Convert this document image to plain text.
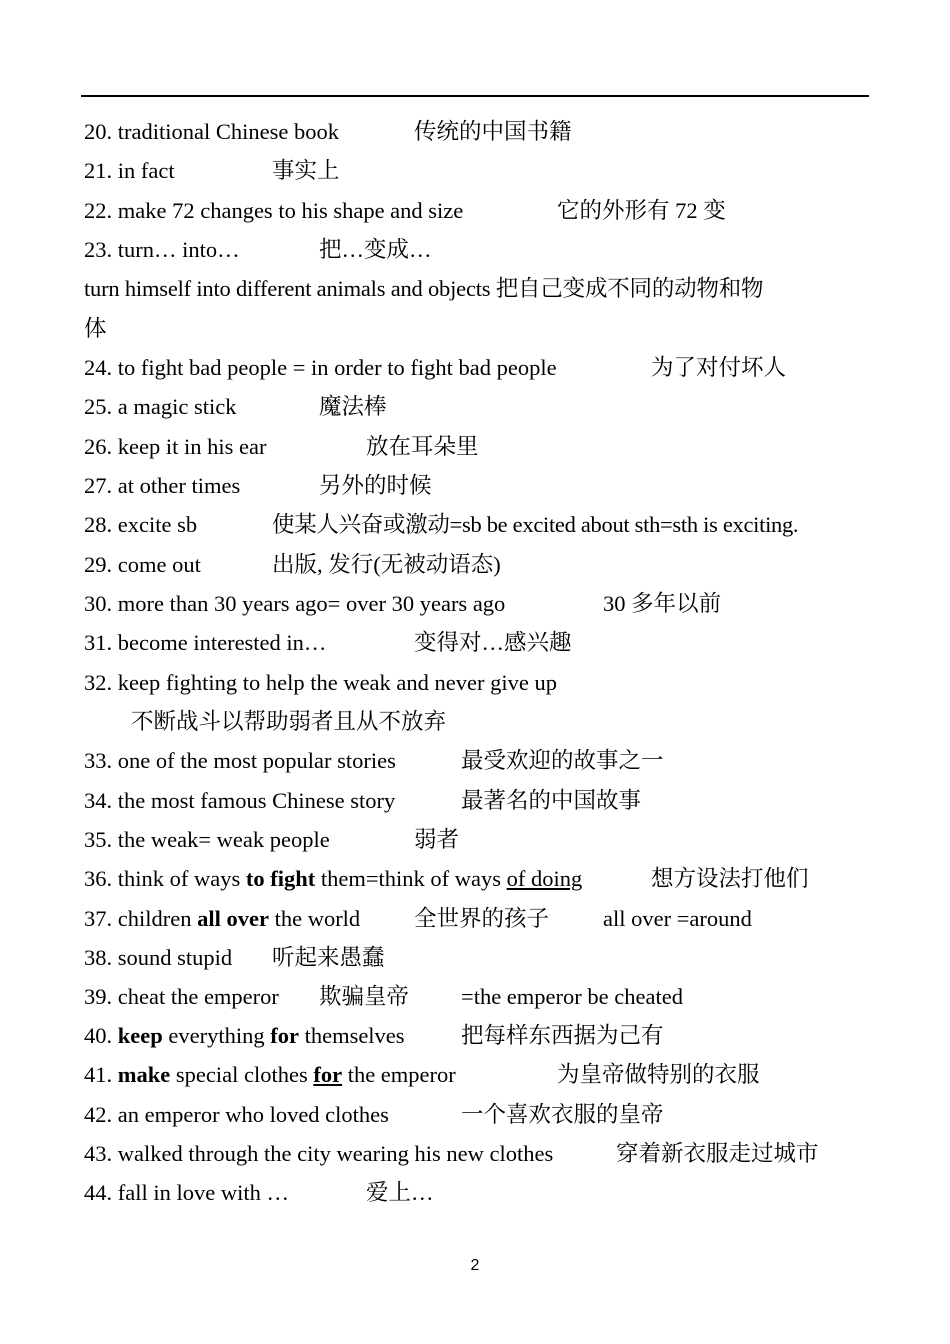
20. traditional Chinese book	传统的中国书籍
21. in fact	事实上
22. make 72 changes to his shape and size	它的外形有 72 变
23. turn… into…	把…变成…
turn himself into different animals and objects 把自己变成不同的动物和物
体
24. to fight bad people = in order to fight bad people	为了对付坏人
25. a magic stick	魔法棒
26. keep it in his ear	放在耳朵里
27. at other times	另外的时候
28. excite sb	使某人兴奋或激动=sb be excited about sth=sth is exciting.
29. come out	出版, 发行(无被动语态)
30. more than 30 years ago= over 30 years ago	30 多年以前
31. become interested in…	变得对…感兴趣
32. keep fighting to help the weak and never give up
不断战斗以帮助弱者且从不放弃
33. one of the most popular stories	最受欢迎的故事之一
34. the most famous Chinese story	最著名的中国故事
35. the weak= weak people	弱者
36. think of ways to fight them=think of ways of doing	想方设法打他们
37. children all over the world 全世界的孩子 all over =around
38. sound stupid 听起来愚蠢
39. cheat the emperor 欺骗皇帝 =the emperor be cheated
40. keep everything for themselves	把每样东西据为己有
41. make special clothes for the emperor	为皇帝做特别的衣服
42. an emperor who loved clothes	一个喜欢衣服的皇帝
43. walked through the city wearing his new clothes	穿着新衣服走过城市
44. fall in love with …	爱上…
2
